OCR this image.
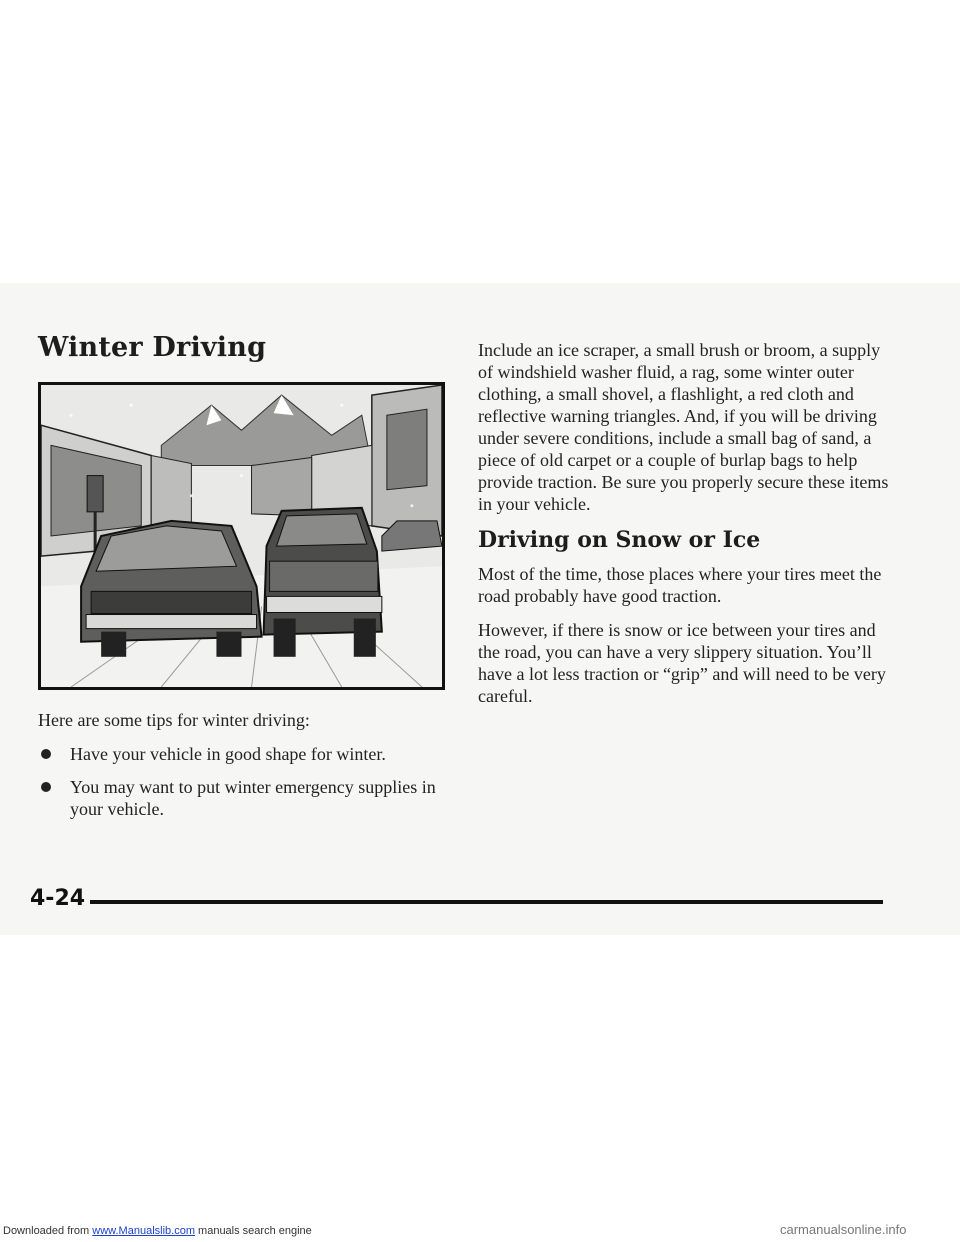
Winter Driving

Here are some tips for winter driving:

Have your vehicle in good shape for winter.
You may want to put winter emergency supplies in your vehicle.

Include an ice scraper, a small brush or broom, a supply of windshield washer fluid, a rag, some winter outer clothing, a small shovel, a flashlight, a red cloth and reflective warning triangles. And, if you will be driving under severe conditions, include a small bag of sand, a piece of old carpet or a couple of burlap bags to help provide traction. Be sure you properly secure these items in your vehicle.

Driving on Snow or Ice

Most of the time, those places where your tires meet the road probably have good traction.

However, if there is snow or ice between your tires and the road, you can have a very slippery situation. You’ll have a lot less traction or “grip” and will need to be very careful.

4-24
Downloaded from www.Manualslib.com manuals search engine	carmanualsonline.info
